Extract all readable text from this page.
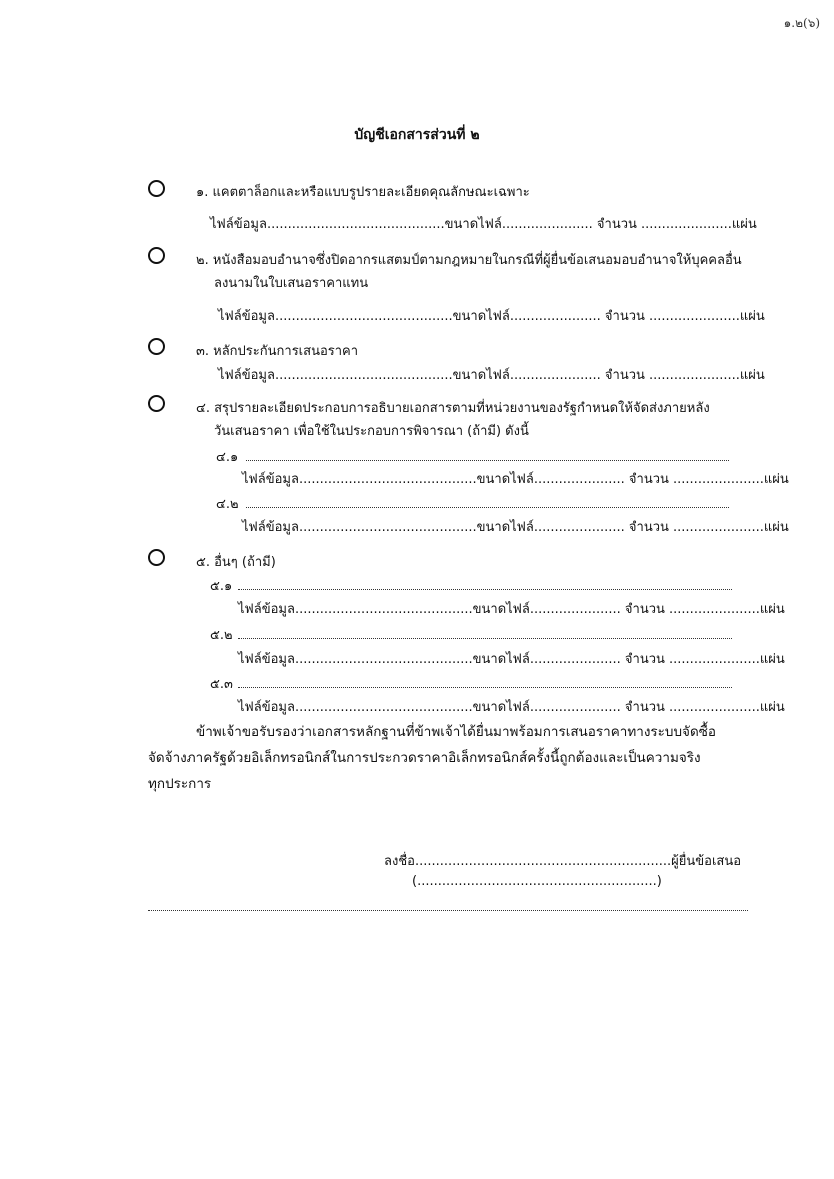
๑.๒(๖)
บัญชีเอกสารส่วนที่ ๒
๑. แคตตาล็อกและหรือแบบรูปรายละเอียดคุณลักษณะเฉพาะ
ไฟล์ข้อมูล...........................................ขนาดไฟล์...................... จำนวน ......................แผ่น
๒. หนังสือมอบอำนาจซึ่งปิดอากรแสตมป์ตามกฎหมายในกรณีที่ผู้ยื่นข้อเสนอมอบอำนาจให้บุคคลอื่น
ลงนามในใบเสนอราคาแทน
ไฟล์ข้อมูล...........................................ขนาดไฟล์...................... จำนวน ......................แผ่น
๓. หลักประกันการเสนอราคา
ไฟล์ข้อมูล...........................................ขนาดไฟล์...................... จำนวน ......................แผ่น
๔. สรุปรายละเอียดประกอบการอธิบายเอกสารตามที่หน่วยงานของรัฐกำหนดให้จัดส่งภายหลัง
วันเสนอราคา เพื่อใช้ในประกอบการพิจารณา (ถ้ามี) ดังนี้
๔.๑
ไฟล์ข้อมูล...........................................ขนาดไฟล์...................... จำนวน ......................แผ่น
๔.๒
ไฟล์ข้อมูล...........................................ขนาดไฟล์...................... จำนวน ......................แผ่น
๕. อื่นๆ (ถ้ามี)
๕.๑
ไฟล์ข้อมูล...........................................ขนาดไฟล์...................... จำนวน ......................แผ่น
๕.๒
ไฟล์ข้อมูล...........................................ขนาดไฟล์...................... จำนวน ......................แผ่น
๕.๓
ไฟล์ข้อมูล...........................................ขนาดไฟล์...................... จำนวน ......................แผ่น
ข้าพเจ้าขอรับรองว่าเอกสารหลักฐานที่ข้าพเจ้าได้ยื่นมาพร้อมการเสนอราคาทางระบบจัดซื้อ
จัดจ้างภาครัฐด้วยอิเล็กทรอนิกส์ในการประกวดราคาอิเล็กทรอนิกส์ครั้งนี้ถูกต้องและเป็นความจริง
ทุกประการ
ลงชื่อ..............................................................ผู้ยื่นข้อเสนอ
(..........................................................)
